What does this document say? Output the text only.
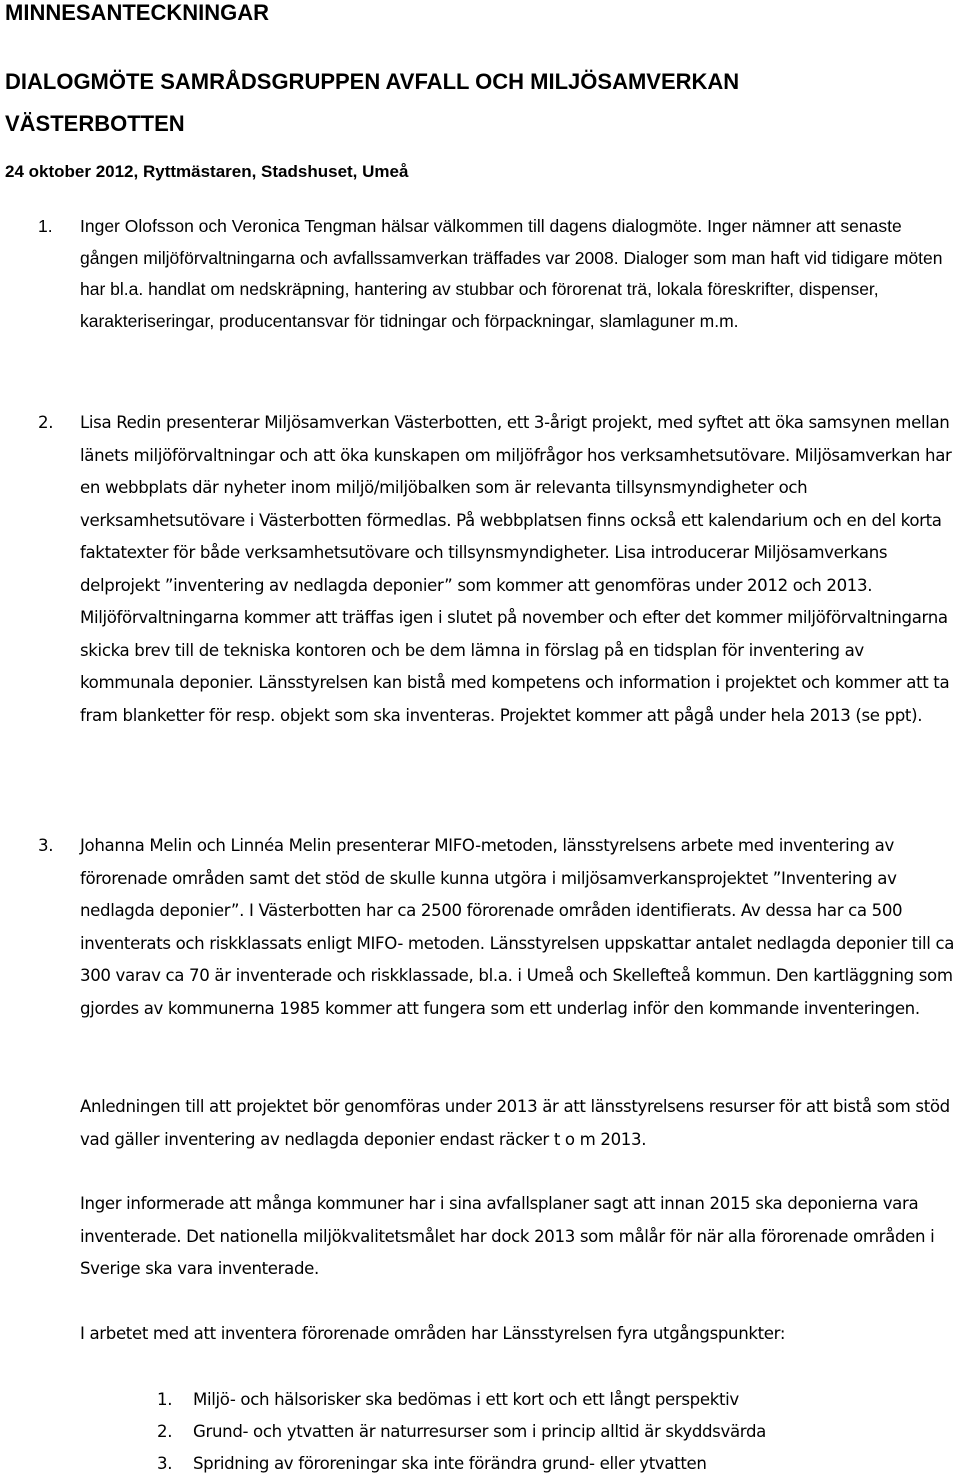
MINNESANTECKNINGAR
DIALOGMÖTE SAMRÅDSGRUPPEN AVFALL OCH MILJÖSAMVERKAN VÄSTERBOTTEN
24 oktober 2012, Ryttmästaren, Stadshuset, Umeå
1. Inger Olofsson och Veronica Tengman hälsar välkommen till dagens dialogmöte. Inger nämner att senaste gången miljöförvaltningarna och avfallssamverkan träffades var 2008. Dialoger som man haft vid tidigare möten har bl.a. handlat om nedskräpning, hantering av stubbar och förorenat trä, lokala föreskrifter, dispenser, karakteriseringar, producentansvar för tidningar och förpackningar, slamlaguner m.m.

2. Lisa Redin presenterar Miljösamverkan Västerbotten, ett 3-årigt projekt, med syftet att öka samsynen mellan länets miljöförvaltningar och att öka kunskapen om miljöfrågor hos verksamhetsutövare. Miljösamverkan har en webbplats där nyheter inom miljö/miljöbalken som är relevanta tillsynsmyndigheter och verksamhetsutövare i Västerbotten förmedlas. På webbplatsen finns också ett kalendarium och en del korta faktatexter för både verksamhetsutövare och tillsynsmyndigheter. Lisa introducerar Miljösamverkans delprojekt ”inventering av nedlagda deponier” som kommer att genomföras under 2012 och 2013. Miljöförvaltningarna kommer att träffas igen i slutet på november och efter det kommer miljöförvaltningarna skicka brev till de tekniska kontoren och be dem lämna in förslag på en tidsplan för inventering av kommunala deponier. Länsstyrelsen kan bistå med kompetens och information i projektet och kommer att ta fram blanketter för resp. objekt som ska inventeras. Projektet kommer att pågå under hela 2013 (se ppt).

3. Johanna Melin och Linnéa Melin presenterar MIFO-metoden, länsstyrelsens arbete med inventering av förorenade områden samt det stöd de skulle kunna utgöra i miljösamverkansprojektet ”Inventering av nedlagda deponier”. I Västerbotten har ca 2500 förorenade områden identifierats. Av dessa har ca 500 inventerats och riskklassats enligt MIFO- metoden. Länsstyrelsen uppskattar antalet nedlagda deponier till ca 300 varav ca 70 är inventerade och riskklassade, bl.a. i Umeå och Skellefteå kommun. Den kartläggning som gjordes av kommunerna 1985 kommer att fungera som ett underlag inför den kommande inventeringen.

Anledningen till att projektet bör genomföras under 2013 är att länsstyrelsens resurser för att bistå som stöd vad gäller inventering av nedlagda deponier endast räcker t o m 2013.

Inger informerade att många kommuner har i sina avfallsplaner sagt att innan 2015 ska deponierna vara inventerade. Det nationella miljökvalitetsmålet har dock 2013 som målår för när alla förorenade områden i Sverige ska vara inventerade.

I arbetet med att inventera förorenade områden har Länsstyrelsen fyra utgångspunkter:

1. Miljö- och hälsorisker ska bedömas i ett kort och ett långt perspektiv
2. Grund- och ytvatten är naturresurser som i princip alltid är skyddsvärda
3. Spridning av föroreningar ska inte förändra grund- eller ytvatten
